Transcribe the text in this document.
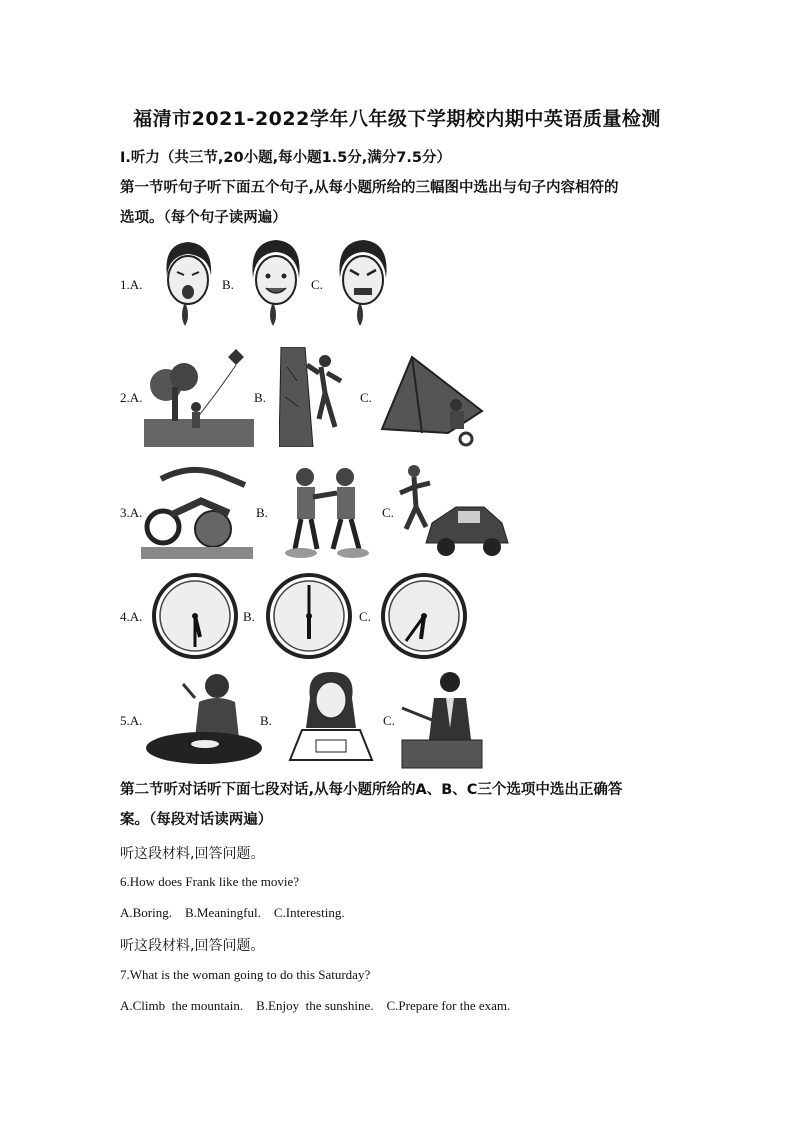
福清市2021-2022学年八年级下学期校内期中英语质量检测
I.听力（共三节,20小题,每小题1.5分,满分7.5分）
第一节听句子听下面五个句子,从每小题所给的三幅图中选出与句子内容相符的
选项。（每个句子读两遍）
1.A.	B.	C.
2.A.	B.	C.
3.A.	B.	C.
4.A.	B.	C.
5.A.	B.	C.
第二节听对话听下面七段对话,从每小题所给的A、B、C三个选项中选出正确答
案。（每段对话读两遍）
听这段材料,回答问题。
6.How does Frank like the movie?
A.Boring.    B.Meaningful.    C.Interesting.
听这段材料,回答问题。
7.What is the woman going to do this Saturday?
A.Climb  the mountain.    B.Enjoy  the sunshine.    C.Prepare for the exam.
